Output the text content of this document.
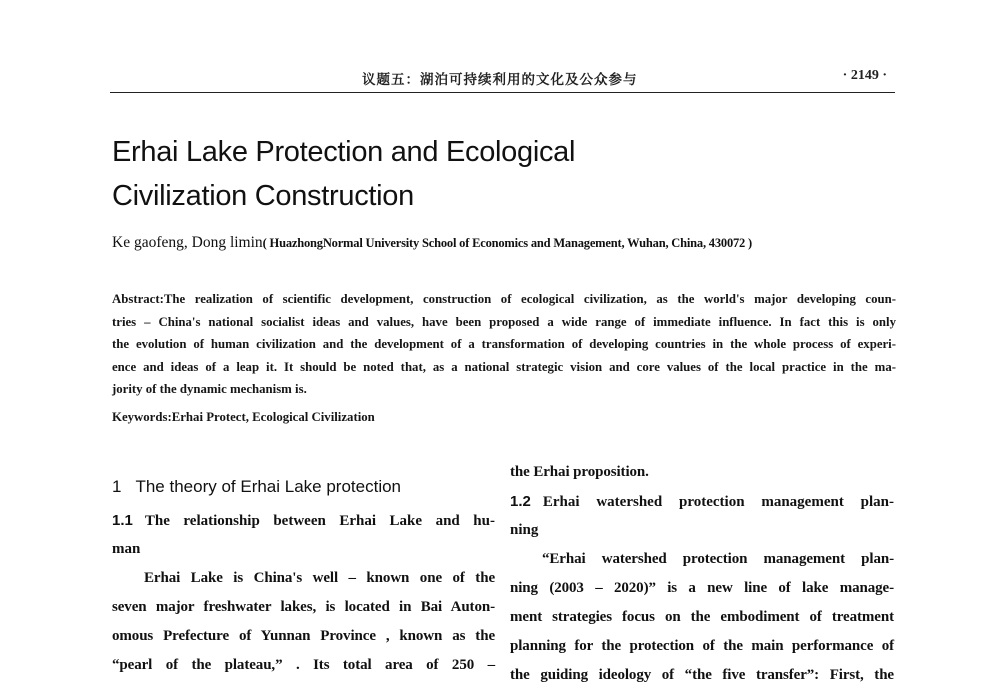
议题五：湖泊可持续利用的文化及公众参与	· 2149 ·
Erhai Lake Protection and Ecological
Civilization Construction
Ke gaofeng, Dong limin( HuazhongNormal University School of Economics and Management, Wuhan, China, 430072 )
Abstract:The realization of scientific development, construction of ecological civilization, as the world's major developing coun-
tries – China's national socialist ideas and values, have been proposed a wide range of immediate influence. In fact this is only
the evolution of human civilization and the development of a transformation of developing countries in the whole process of experi-
ence and ideas of a leap it. It should be noted that, as a national strategic vision and core values of the local practice in the ma-
jority of the dynamic mechanism is.
Keywords:Erhai Protect, Ecological Civilization
1 The theory of Erhai Lake protection
1.1 The relationship between Erhai Lake and hu-
man
Erhai Lake is China's well – known one of the
seven major freshwater lakes, is located in Bai Auton-
omous Prefecture of Yunnan Province , known as the
“pearl of the plateau,” . Its total area of 250 –
the Erhai proposition.
1.2 Erhai watershed protection management plan-
ning
“Erhai watershed protection management plan-
ning (2003 – 2020)” is a new line of lake manage-
ment strategies focus on the embodiment of treatment
planning for the protection of the main performance of
the guiding ideology of “the five transfer”: First, the
